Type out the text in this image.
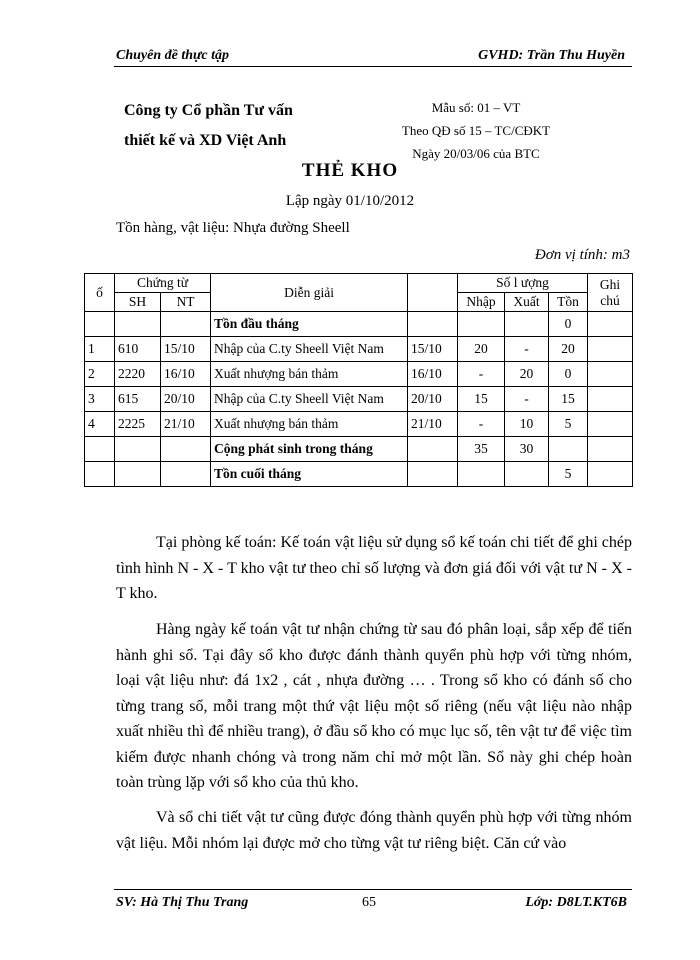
Chuyên đề thực tập	GVHD: Trần Thu Huyền
Công ty Cổ phần Tư vấn
thiết kế và XD Việt Anh
Mẫu số: 01 – VT
Theo QĐ số 15 – TC/CĐKT
Ngày 20/03/06 của BTC
THẺ KHO
Lập ngày 01/10/2012
Tồn hàng, vật liệu: Nhựa đường Sheell
Đơn vị tính: m3
ố	Chứng từ		Diễn giải		Số l ượng			Ghi chú
	SH	NT			Nhập	Xuất	Tồn	
			Tồn đầu tháng				0	
1	610	15/10	Nhập của C.ty Sheell Việt Nam	15/10	20	-	20	
2	2220	16/10	Xuất nhượng bán thảm	16/10	-	20	0	
3	615	20/10	Nhập của C.ty Sheell Việt Nam	20/10	15	-	15	
4	2225	21/10	Xuất nhượng bán thảm	21/10	-	10	5	
			Cộng phát sinh trong tháng		35	30		
			Tồn cuối tháng				5	
Tại phòng kế toán: Kế toán vật liệu sử dụng sổ kế toán chi tiết để ghi chép tình hình N - X - T kho vật tư theo chỉ số lượng và đơn giá đối với vật tư N - X - T kho.
Hàng ngày kế toán vật tư nhận chứng từ sau đó phân loại, sắp xếp để tiến hành ghi sổ. Tại đây sổ kho được đánh thành quyển phù hợp với từng nhóm, loại vật liệu như: đá 1x2 , cát , nhựa đường … . Trong sổ kho có đánh số cho từng trang sổ, mỗi trang một thứ vật liệu một số riêng (nếu vật liệu nào nhập xuất nhiều thì để nhiều trang), ở đầu sổ kho có mục lục số, tên vật tư để việc tìm kiếm được nhanh chóng và trong năm chỉ mở một lần. Sổ này ghi chép hoàn toàn trùng lặp với sổ kho của thủ kho.
Và sổ chi tiết vật tư cũng được đóng thành quyển phù hợp với từng nhóm vật liệu. Mỗi nhóm lại được mở cho từng vật tư riêng biệt. Căn cứ vào
SV: Hà Thị Thu Trang	65	Lớp: D8LT.KT6B
